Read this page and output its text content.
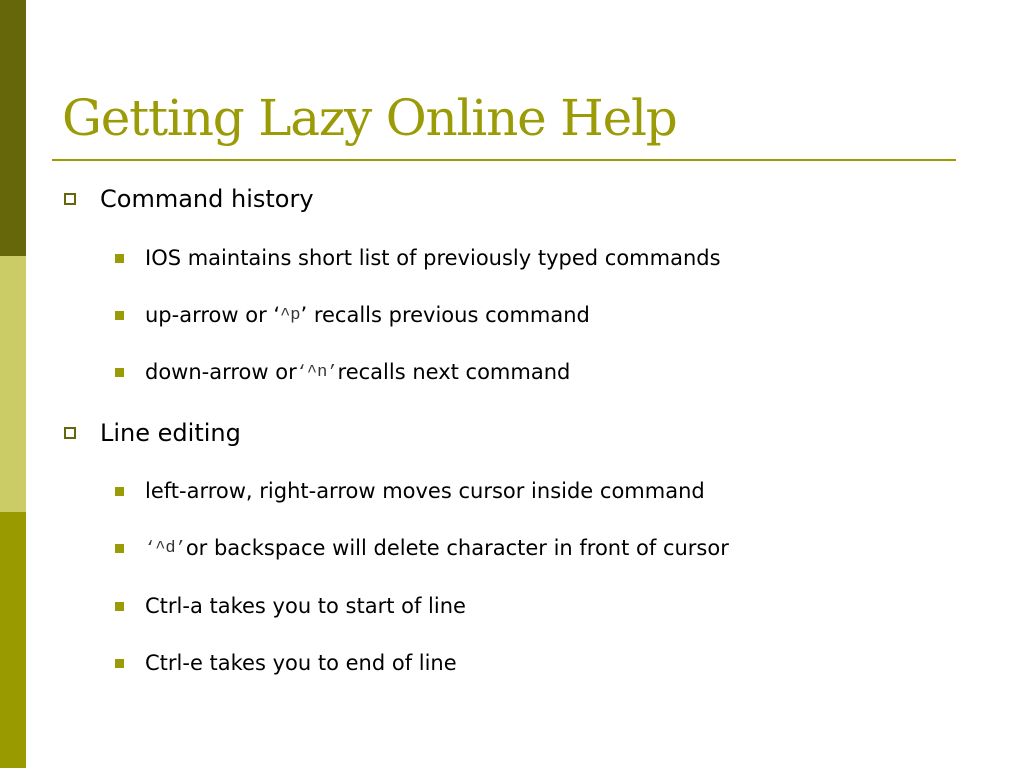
Getting Lazy Online Help
Command history
IOS maintains short list of previously typed commands
up-arrow or ‘ ^p ’ recalls previous command
down-arrow or ‘^n’ recalls next command
Line editing
left-arrow, right-arrow moves cursor inside command
‘^d’ or backspace will delete character in front of cursor
Ctrl-a takes you to start of line
Ctrl-e takes you to end of line
